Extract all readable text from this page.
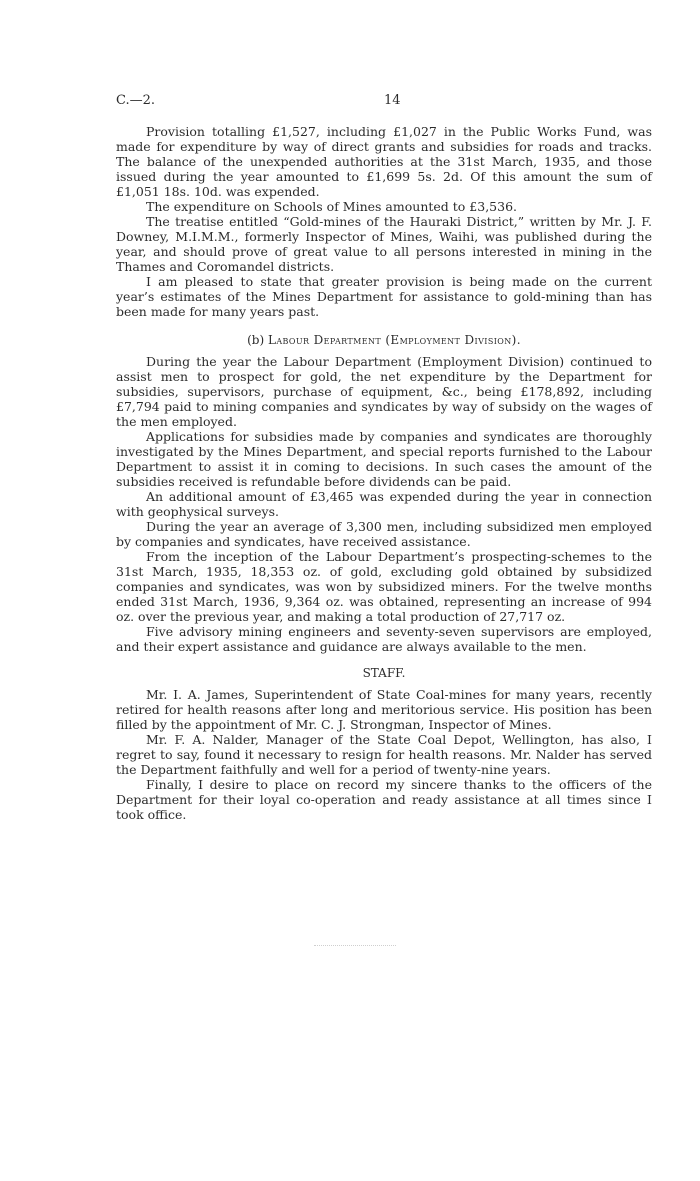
C.—2.	14

Provision totalling £1,527, including £1,027 in the Public Works Fund, was made for expenditure by way of direct grants and subsidies for roads and tracks. The balance of the unexpended authorities at the 31st March, 1935, and those issued during the year amounted to £1,699 5s. 2d. Of this amount the sum of £1,051 18s. 10d. was expended.

The expenditure on Schools of Mines amounted to £3,536.

The treatise entitled “Gold-mines of the Hauraki District,” written by Mr. J. F. Downey, M.I.M.M., formerly Inspector of Mines, Waihi, was published during the year, and should prove of great value to all persons interested in mining in the Thames and Coromandel districts.

I am pleased to state that greater provision is being made on the current year’s estimates of the Mines Department for assistance to gold-mining than has been made for many years past.

(b) Labour Department (Employment Division).

During the year the Labour Department (Employment Division) continued to assist men to prospect for gold, the net expenditure by the Department for subsidies, supervisors, purchase of equipment, &c., being £178,892, including £7,794 paid to mining companies and syndicates by way of subsidy on the wages of the men employed.

Applications for subsidies made by companies and syndicates are thoroughly investigated by the Mines Department, and special reports furnished to the Labour Department to assist it in coming to decisions. In such cases the amount of the subsidies received is refundable before dividends can be paid.

An additional amount of £3,465 was expended during the year in connection with geophysical surveys.

During the year an average of 3,300 men, including subsidized men employed by companies and syndicates, have received assistance.

From the inception of the Labour Department’s prospecting-schemes to the 31st March, 1935, 18,353 oz. of gold, excluding gold obtained by subsidized companies and syndicates, was won by subsidized miners. For the twelve months ended 31st March, 1936, 9,364 oz. was obtained, representing an increase of 994 oz. over the previous year, and making a total production of 27,717 oz.

Five advisory mining engineers and seventy-seven supervisors are employed, and their expert assistance and guidance are always available to the men.

STAFF.

Mr. I. A. James, Superintendent of State Coal-mines for many years, recently retired for health reasons after long and meritorious service. His position has been filled by the appointment of Mr. C. J. Strongman, Inspector of Mines.

Mr. F. A. Nalder, Manager of the State Coal Depot, Wellington, has also, I regret to say, found it necessary to resign for health reasons. Mr. Nalder has served the Department faithfully and well for a period of twenty-nine years.

Finally, I desire to place on record my sincere thanks to the officers of the Department for their loyal co-operation and ready assistance at all times since I took office.
